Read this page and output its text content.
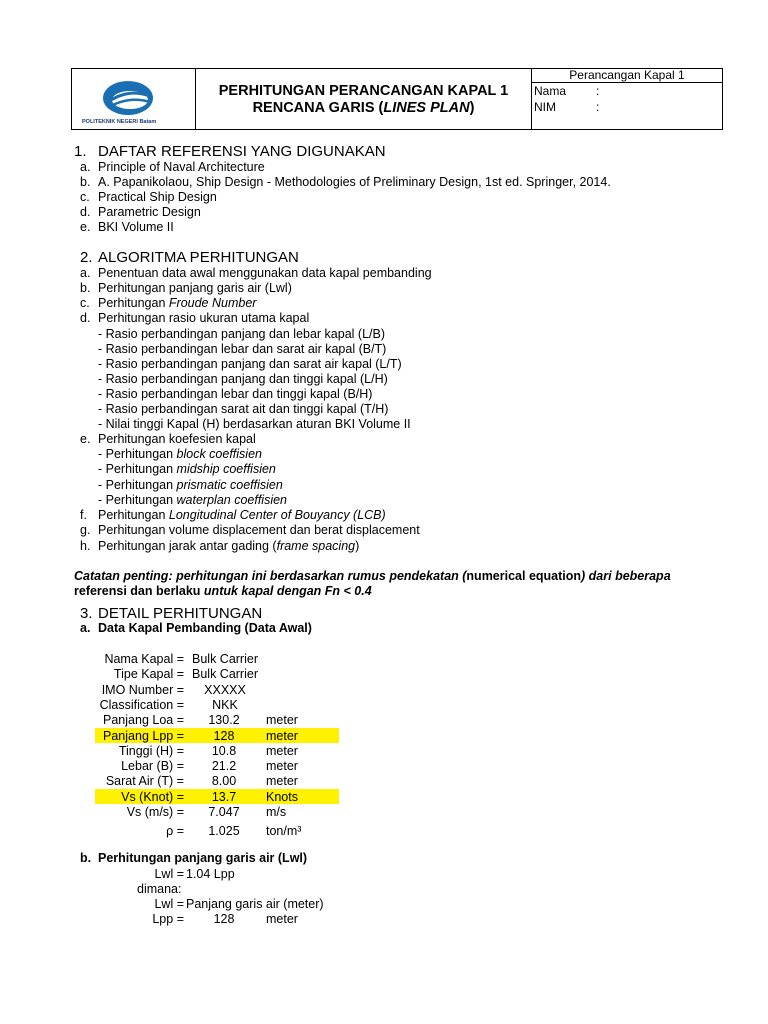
POLITEKNIK NEGERI Batam
PERHITUNGAN PERANCANGAN KAPAL 1
RENCANA GARIS (LINES PLAN)
Perancangan Kapal 1
Nama :
NIM	:
1. DAFTAR REFERENSI YANG DIGUNAKAN
a. Principle of Naval Architecture
b. A. Papanikolaou, Ship Design - Methodologies of Preliminary Design, 1st ed. Springer, 2014.
c. Practical Ship Design
d. Parametric Design
e. BKI Volume II
2. ALGORITMA PERHITUNGAN
a. Penentuan data awal menggunakan data kapal pembanding
b. Perhitungan panjang garis air (Lwl)
c. Perhitungan Froude Number
d. Perhitungan rasio ukuran utama kapal
- Rasio perbandingan panjang dan lebar kapal (L/B)
- Rasio perbandingan lebar dan sarat air kapal (B/T)
- Rasio perbandingan panjang dan sarat air kapal (L/T)
- Rasio perbandingan panjang dan tinggi kapal (L/H)
- Rasio perbandingan lebar dan tinggi kapal (B/H)
- Rasio perbandingan sarat ait dan tinggi kapal (T/H)
- Nilai tinggi Kapal (H) berdasarkan aturan BKI Volume II
e. Perhitungan koefesien kapal
- Perhitungan block coeffisien
- Perhitungan midship coeffisien
- Perhitungan prismatic coeffisien
- Perhitungan waterplan coeffisien
f. Perhitungan Longitudinal Center of Bouyancy (LCB)
g. Perhitungan volume displacement dan berat displacement
h. Perhitungan jarak antar gading (frame spacing)
Catatan penting: perhitungan ini berdasarkan rumus pendekatan (numerical equation) dari beberapa
referensi dan berlaku untuk kapal dengan Fn < 0.4
3. DETAIL PERHITUNGAN
a. Data Kapal Pembanding (Data Awal)
Nama Kapal = Bulk Carrier
Tipe Kapal = Bulk Carrier
IMO Number =	XXXXX
Classification =	NKK
Panjang Loa =	130.2	meter
Panjang Lpp =	128	meter
Tinggi (H) =	10.8	meter
Lebar (B) =	21.2	meter
Sarat Air (T) =	8.00	meter
Vs (Knot) =	13.7	Knots
Vs (m/s) =	7.047	m/s
ρ =	1.025	ton/m³
b. Perhitungan panjang garis air (Lwl)
Lwl = 1.04 Lpp
dimana:
Lwl = Panjang garis air (meter)
Lpp =	128	meter
